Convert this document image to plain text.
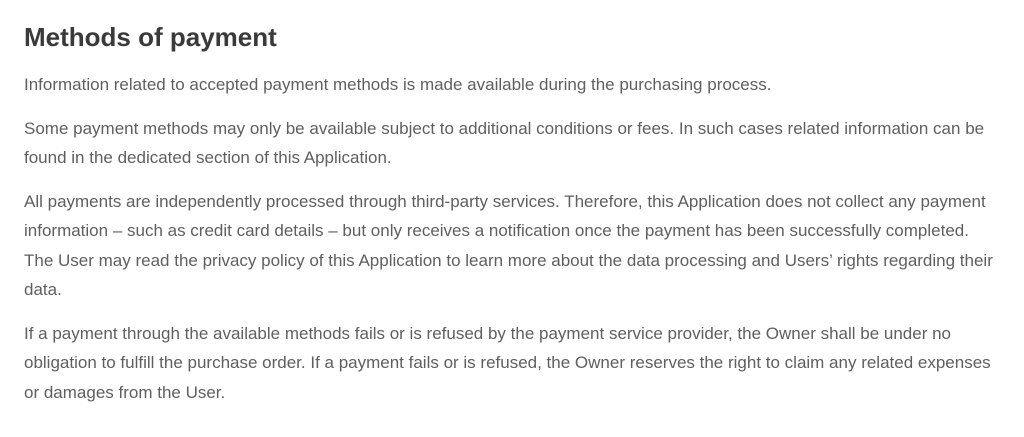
Methods of payment

Information related to accepted payment methods is made available during the purchasing process.

Some payment methods may only be available subject to additional conditions or fees. In such cases related information can be found in the dedicated section of this Application.

All payments are independently processed through third-party services. Therefore, this Application does not collect any payment information – such as credit card details – but only receives a notification once the payment has been successfully completed. The User may read the privacy policy of this Application to learn more about the data processing and Users’ rights regarding their data.

If a payment through the available methods fails or is refused by the payment service provider, the Owner shall be under no obligation to fulfill the purchase order. If a payment fails or is refused, the Owner reserves the right to claim any related expenses or damages from the User.
